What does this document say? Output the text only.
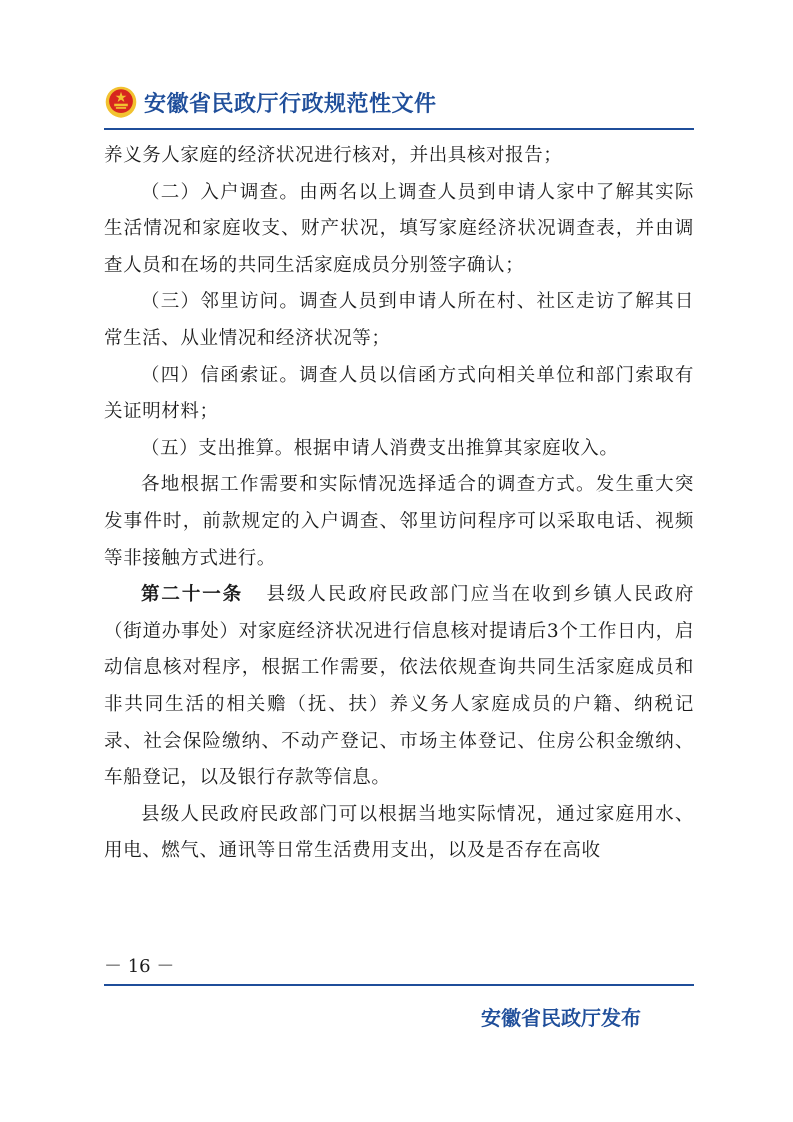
安徽省民政厅行政规范性文件

养义务人家庭的经济状况进行核对，并出具核对报告；

（二）入户调查。由两名以上调查人员到申请人家中了解其实际生活情况和家庭收支、财产状况，填写家庭经济状况调查表，并由调查人员和在场的共同生活家庭成员分别签字确认；

（三）邻里访问。调查人员到申请人所在村、社区走访了解其日常生活、从业情况和经济状况等；

（四）信函索证。调查人员以信函方式向相关单位和部门索取有关证明材料；

（五）支出推算。根据申请人消费支出推算其家庭收入。

各地根据工作需要和实际情况选择适合的调查方式。发生重大突发事件时，前款规定的入户调查、邻里访问程序可以采取电话、视频等非接触方式进行。

第二十一条 县级人民政府民政部门应当在收到乡镇人民政府（街道办事处）对家庭经济状况进行信息核对提请后3个工作日内，启动信息核对程序，根据工作需要，依法依规查询共同生活家庭成员和非共同生活的相关赡（抚、扶）养义务人家庭成员的户籍、纳税记录、社会保险缴纳、不动产登记、市场主体登记、住房公积金缴纳、车船登记，以及银行存款等信息。

县级人民政府民政部门可以根据当地实际情况，通过家庭用水、用电、燃气、通讯等日常生活费用支出，以及是否存在高收

－ 16 －
安徽省民政厅发布
